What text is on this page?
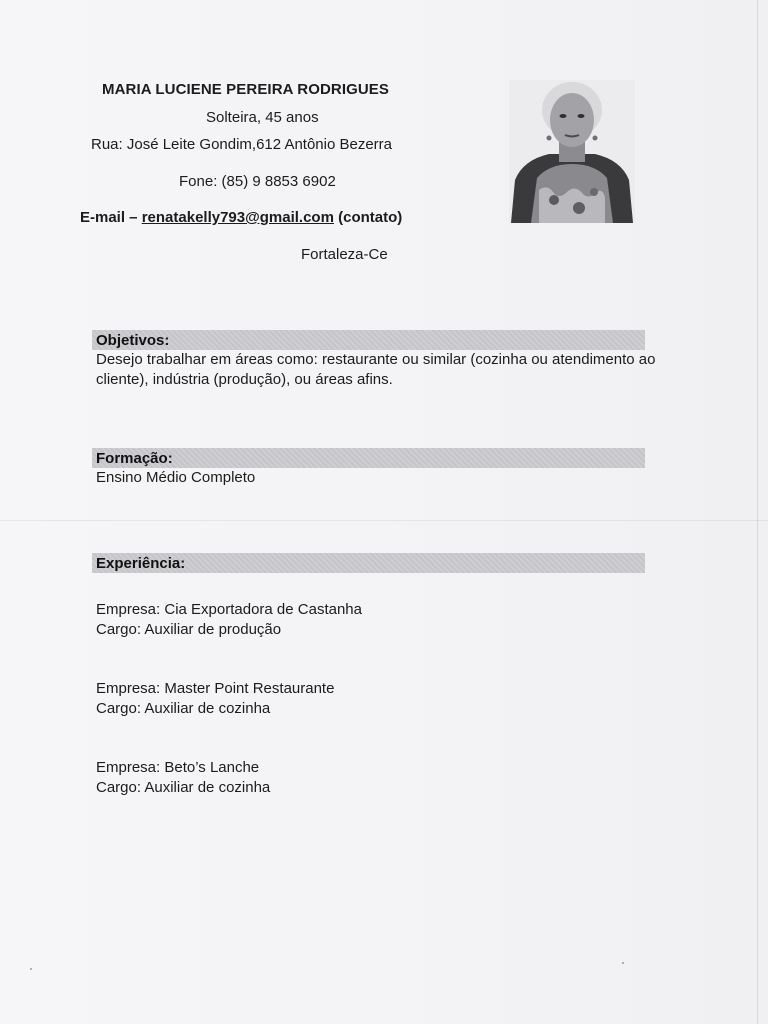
MARIA LUCIENE PEREIRA RODRIGUES
Solteira, 45 anos
Rua: José Leite Gondim,612 Antônio Bezerra
Fone: (85) 9 8853 6902
E-mail – renatakelly793@gmail.com (contato)
Fortaleza-Ce
Objetivos:
Desejo trabalhar em áreas como: restaurante ou similar (cozinha ou atendimento ao cliente), indústria (produção), ou áreas afins.
Formação:
Ensino Médio Completo
Experiência:
Empresa: Cia Exportadora de Castanha
Cargo: Auxiliar de produção
Empresa: Master Point Restaurante
Cargo: Auxiliar de cozinha
Empresa: Beto’s Lanche
Cargo: Auxiliar de cozinha
